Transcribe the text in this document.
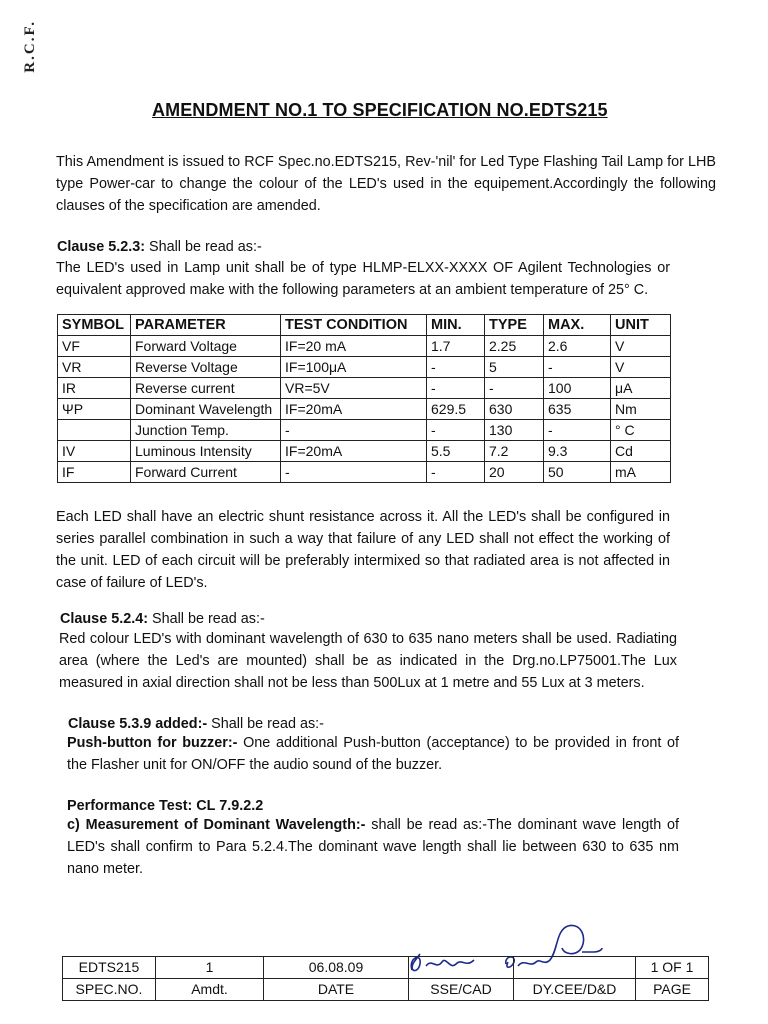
R.C.F.
AMENDMENT NO.1 TO SPECIFICATION NO.EDTS215
This Amendment is issued to RCF Spec.no.EDTS215, Rev-'nil' for Led Type Flashing Tail Lamp for LHB type Power-car to change the colour of the LED's used in the equipement.Accordingly the following clauses of the specification are amended.
Clause 5.2.3: Shall be read as:-
The LED's used in Lamp unit shall be of type HLMP-ELXX-XXXX OF Agilent Technologies or equivalent approved make with the following parameters at an ambient temperature of 25° C.
SYMBOL	PARAMETER	TEST CONDITION	MIN.	TYPE	MAX.	UNIT
VF	Forward Voltage	IF=20 mA	1.7	2.25	2.6	V
VR	Reverse Voltage	IF=100μA	-	5	-	V
IR	Reverse current	VR=5V	-	-	100	μA
ΨP	Dominant Wavelength	IF=20mA	629.5	630	635	Nm
	Junction Temp.	-	-	130	-	° C
IV	Luminous Intensity	IF=20mA	5.5	7.2	9.3	Cd
IF	Forward Current	-	-	20	50	mA
Each LED shall have an electric shunt resistance across it. All the LED's shall be configured in series parallel combination in such a way that failure of any LED shall not effect the working of the unit. LED of each circuit will be preferably intermixed so that radiated area is not affected in case of failure of LED's.
Clause 5.2.4: Shall be read as:-
Red colour LED's with dominant wavelength of 630 to 635 nano meters shall be used. Radiating area (where the Led's are mounted) shall be as indicated in the Drg.no.LP75001.The Lux measured in axial direction shall not be less than 500Lux at 1 metre and 55 Lux at 3 meters.
Clause 5.3.9 added:- Shall be read as:-
Push-button for buzzer:- One additional Push-button (acceptance) to be provided in front of the Flasher unit for ON/OFF the audio sound of the buzzer.
Performance Test: CL 7.9.2.2
c) Measurement of Dominant Wavelength:- shall be read as:-The dominant wave length of LED's shall confirm to Para 5.2.4.The dominant wave length shall lie between 630 to 635 nm nano meter.
EDTS215	1	06.08.09			1 OF 1
SPEC.NO.	Amdt.	DATE	SSE/CAD	DY.CEE/D&D	PAGE
